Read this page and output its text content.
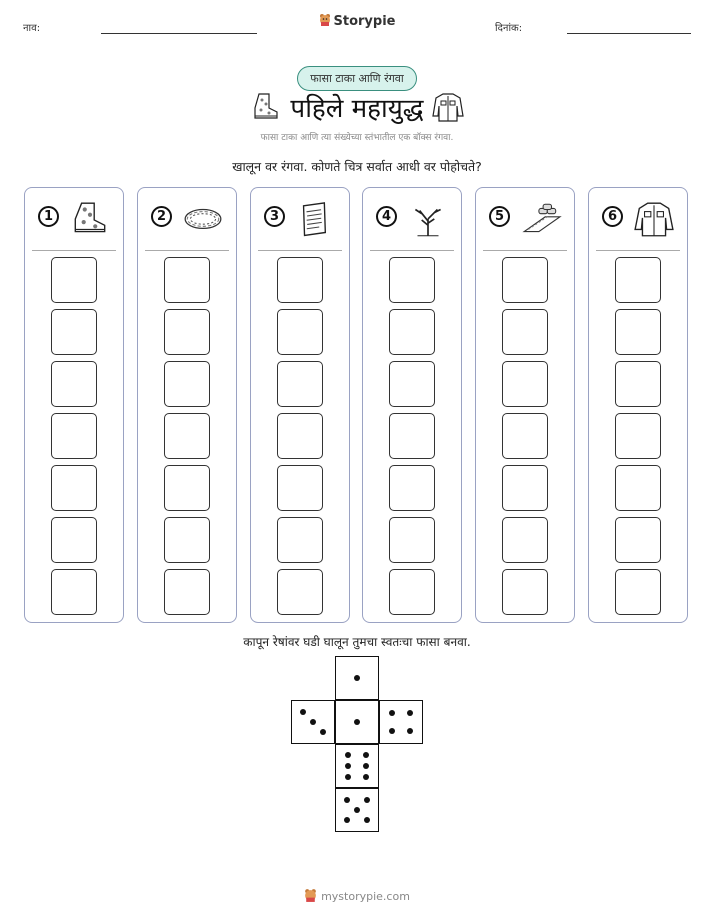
नाव:	Storypie	दिनांक:
फासा टाका आणि रंगवा
पहिले महायुद्ध
फासा टाका आणि त्या संख्येच्या स्तंभातील एक बॉक्स रंगवा.
खालून वर रंगवा. कोणते चित्र सर्वात आधी वर पोहोचते?
1	2	3	4	5	6
कापून रेषांवर घडी घालून तुमचा स्वतःचा फासा बनवा.
mystorypie.com
